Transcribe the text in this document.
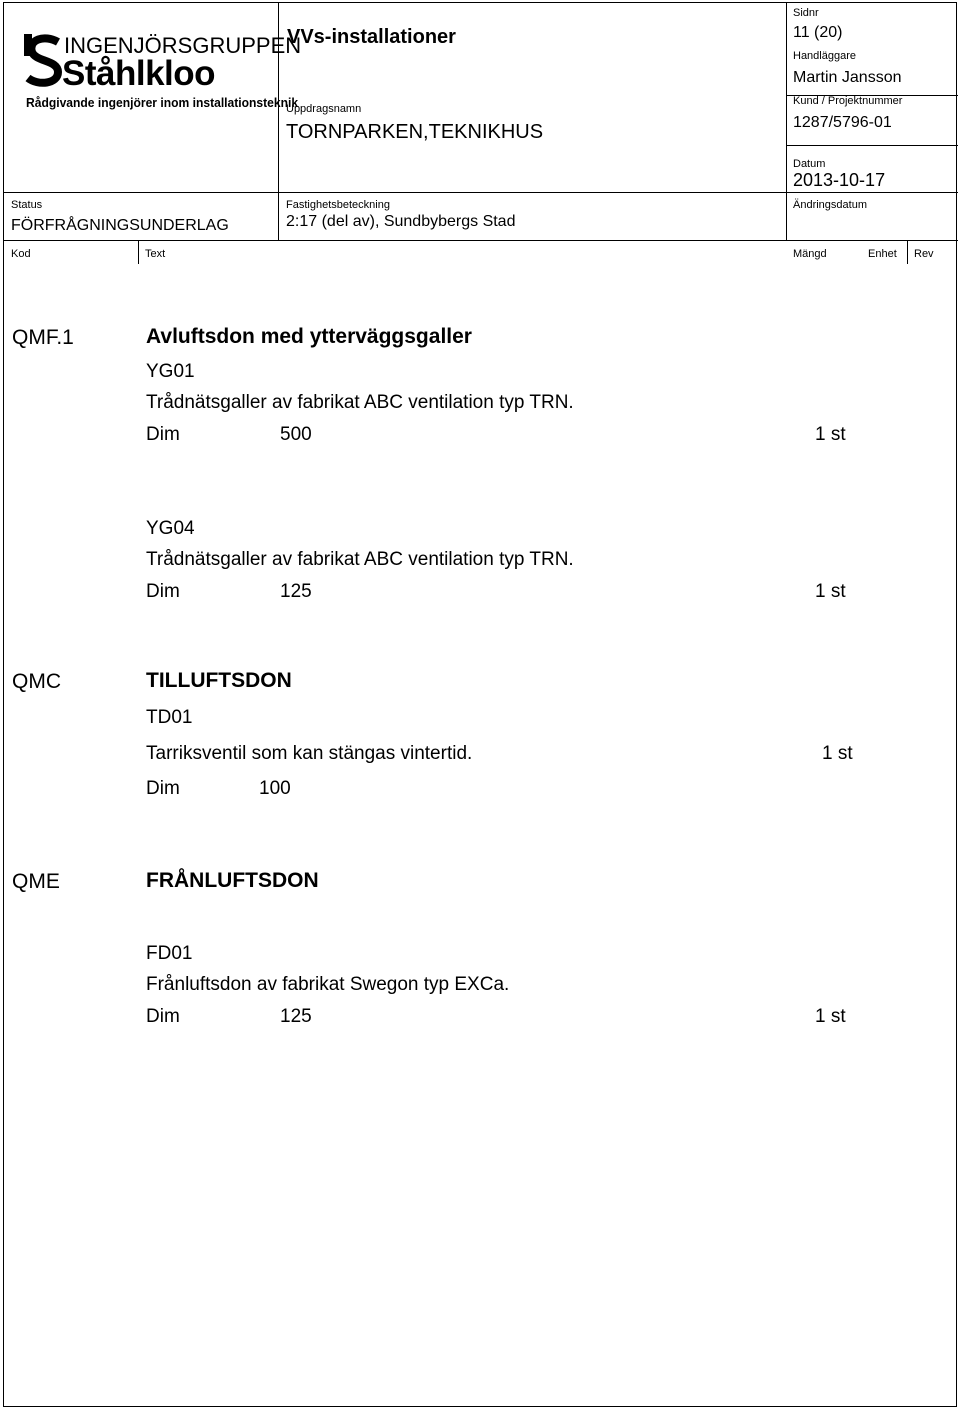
INGENJÖRSGRUPPEN
Ståhlkloo
Rådgivande ingenjörer inom installationsteknik
VVs-installationer
Uppdragsnamn
TORNPARKEN,TEKNIKHUS
Sidnr
11 (20)
Handläggare
Martin Jansson
Kund / Projektnummer
1287/5796-01
Datum
2013-10-17
Ändringsdatum
Status
FÖRFRÅGNINGSUNDERLAG
Fastighetsbeteckning
2:17 (del av), Sundbybergs Stad
Kod	Text	Mängd	Enhet Rev
QMF.1	Avluftsdon med ytterväggsgaller
YG01
Trådnätsgaller av fabrikat ABC ventilation typ TRN.
Dim	500	1 st
YG04
Trådnätsgaller av fabrikat ABC ventilation typ TRN.
Dim	125	1 st
QMC	TILLUFTSDON
TD01
Tarriksventil som kan stängas vintertid.	1 st
Dim	100
QME	FRÅNLUFTSDON
FD01
Frånluftsdon av fabrikat Swegon typ EXCa.
Dim	125	1 st
